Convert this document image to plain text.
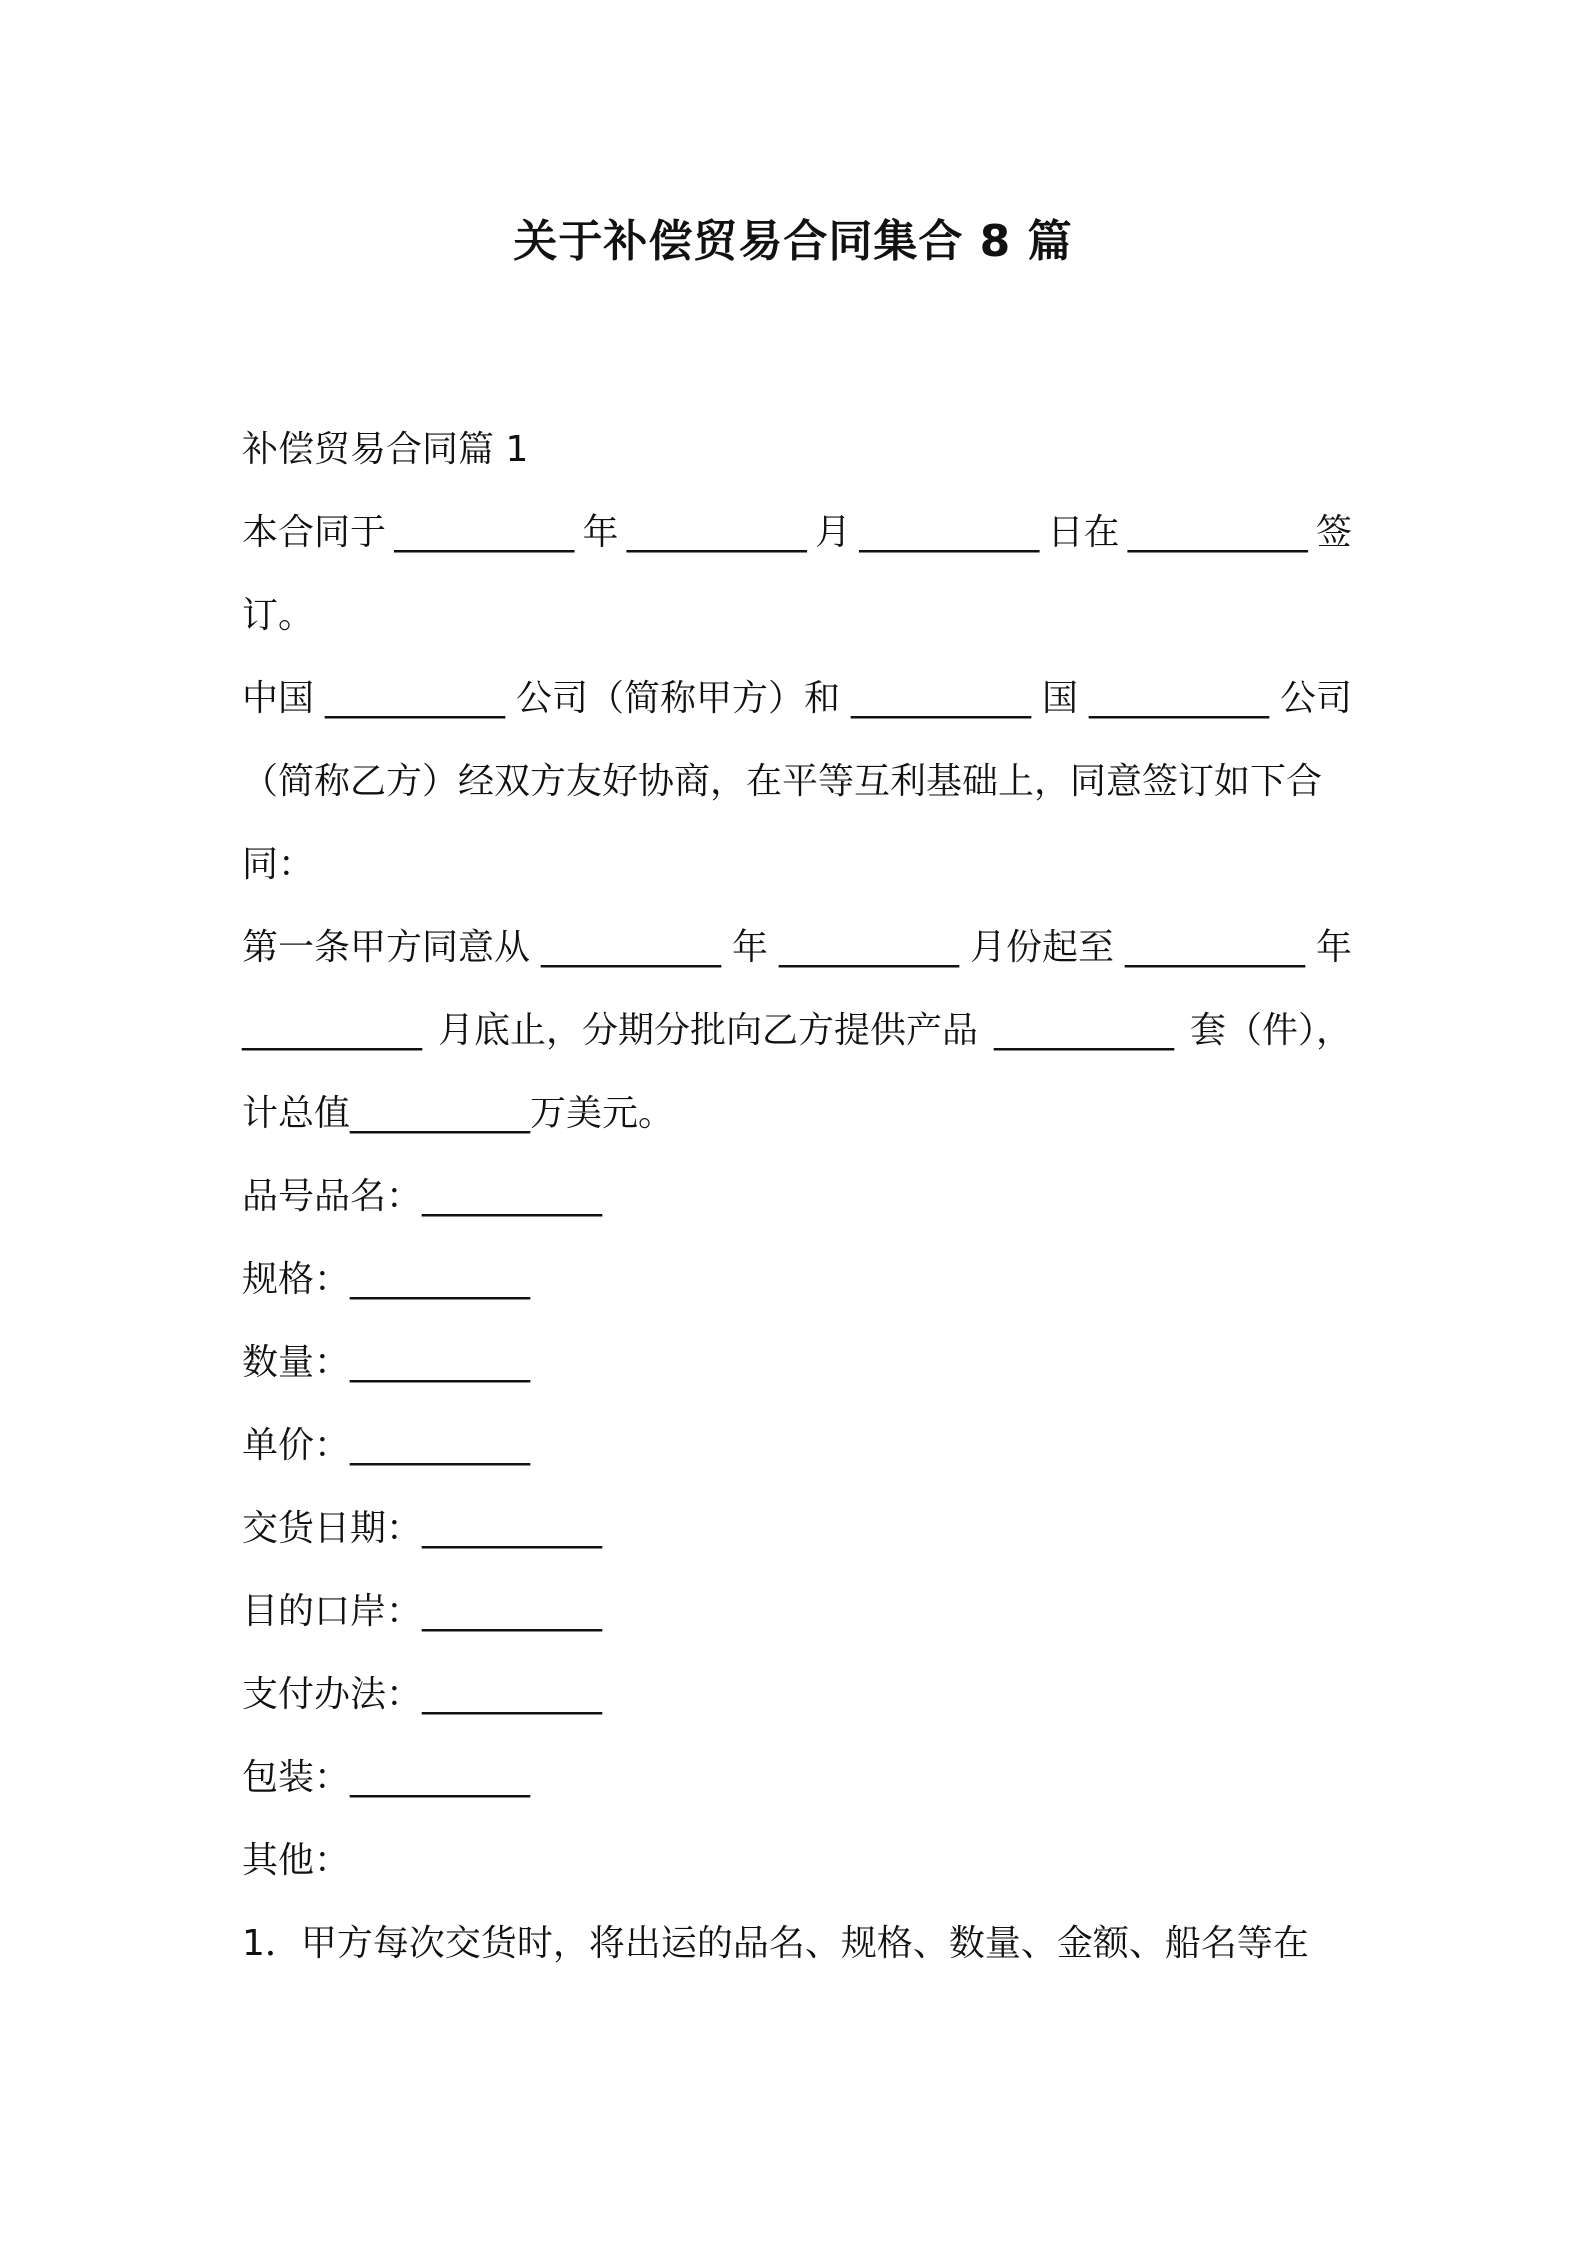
关于补偿贸易合同集合 8 篇
补偿贸易合同篇 1
本合同于 __________ 年 __________ 月 __________ 日在 __________ 签
订。
中国 __________ 公司（简称甲方）和 __________ 国 __________ 公司
（简称乙方）经双方友好协商，在平等互利基础上，同意签订如下合
同：
第一条甲方同意从 __________ 年 __________ 月份起至 __________ 年
__________ 月底止，分期分批向乙方提供产品 __________ 套（件），
计总值__________万美元。
品号品名：__________
规格：__________
数量：__________
单价：__________
交货日期：__________
目的口岸：__________
支付办法：__________
包装：__________
其他：
1．甲方每次交货时，将出运的品名、规格、数量、金额、船名等在
